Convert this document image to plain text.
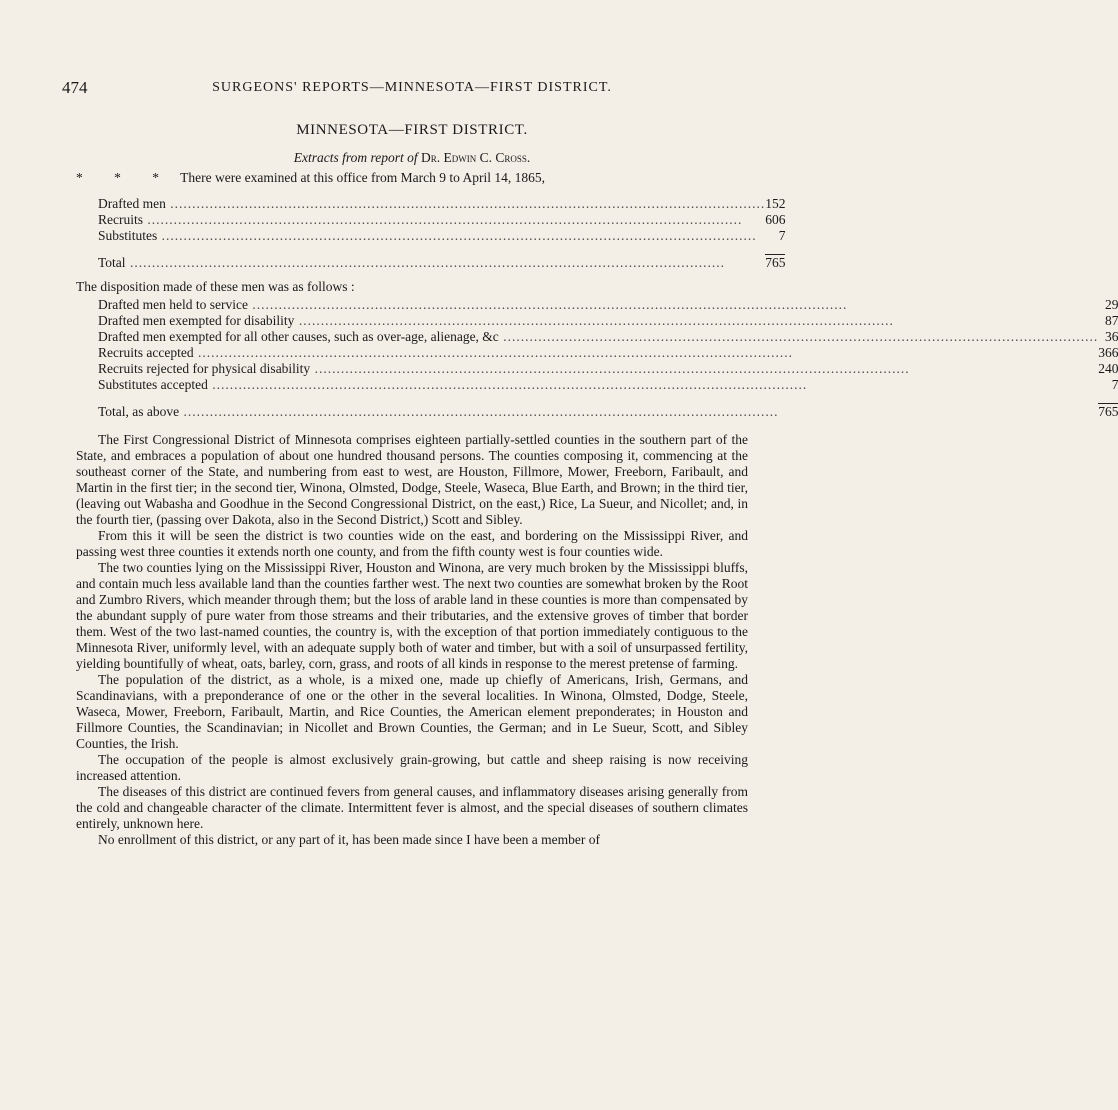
474	SURGEONS' REPORTS—MINNESOTA—FIRST DISTRICT.
MINNESOTA—FIRST DISTRICT.
Extracts from report of Dr. Edwin C. Cross.
* * * There were examined at this office from March 9 to April 14, 1865,
Drafted men .....	152
Recruits .....	606
Substitutes .....	7

Total .....	765
The disposition made of these men was as follows :
Drafted men held to service .....	29
Drafted men exempted for disability .....	87
Drafted men exempted for all other causes, such as over-age, alienage, &c .....	36
Recruits accepted .....	366
Recruits rejected for physical disability .....	240
Substitutes accepted .....	7

Total, as above .....	765

The First Congressional District of Minnesota comprises eighteen partially-settled counties in the southern part of the State, and embraces a population of about one hundred thousand persons. The counties composing it, commencing at the southeast corner of the State, and numbering from east to west, are Houston, Fillmore, Mower, Freeborn, Faribault, and Martin in the first tier; in the second tier, Winona, Olmsted, Dodge, Steele, Waseca, Blue Earth, and Brown; in the third tier, (leaving out Wabasha and Goodhue in the Second Congressional District, on the east,) Rice, La Sueur, and Nicollet; and, in the fourth tier, (passing over Dakota, also in the Second District,) Scott and Sibley.

From this it will be seen the district is two counties wide on the east, and bordering on the Mississippi River, and passing west three counties it extends north one county, and from the fifth county west is four counties wide.

The two counties lying on the Mississippi River, Houston and Winona, are very much broken by the Mississippi bluffs, and contain much less available land than the counties farther west. The next two counties are somewhat broken by the Root and Zumbro Rivers, which meander through them; but the loss of arable land in these counties is more than compensated by the abundant supply of pure water from those streams and their tributaries, and the extensive groves of timber that border them. West of the two last-named counties, the country is, with the exception of that portion immediately contiguous to the Minnesota River, uniformly level, with an adequate supply both of water and timber, but with a soil of unsurpassed fertility, yielding bountifully of wheat, oats, barley, corn, grass, and roots of all kinds in response to the merest pretense of farming.

The population of the district, as a whole, is a mixed one, made up chiefly of Americans, Irish, Germans, and Scandinavians, with a preponderance of one or the other in the several localities. In Winona, Olmsted, Dodge, Steele, Waseca, Mower, Freeborn, Faribault, Martin, and Rice Counties, the American element preponderates; in Houston and Fillmore Counties, the Scandinavian; in Nicollet and Brown Counties, the German; and in Le Sueur, Scott, and Sibley Counties, the Irish.

The occupation of the people is almost exclusively grain-growing, but cattle and sheep raising is now receiving increased attention.

The diseases of this district are continued fevers from general causes, and inflammatory diseases arising generally from the cold and changeable character of the climate. Intermittent fever is almost, and the special diseases of southern climates entirely, unknown here.

No enrollment of this district, or any part of it, has been made since I have been a member of
